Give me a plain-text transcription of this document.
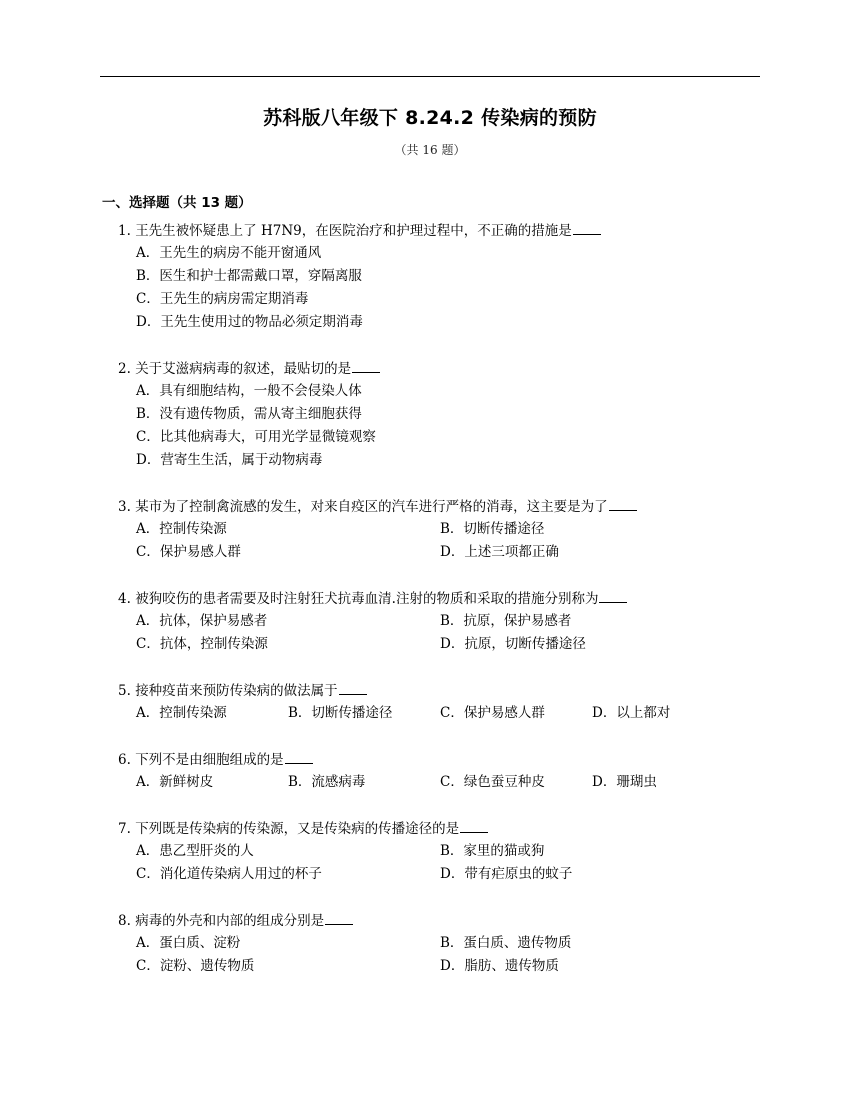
苏科版八年级下 8.24.2 传染病的预防
（共 16 题）
一、选择题（共 13 题）
1. 王先生被怀疑患上了 H7N9，在医院治疗和护理过程中，不正确的措施是
A．王先生的病房不能开窗通风
B．医生和护士都需戴口罩，穿隔离服
C．王先生的病房需定期消毒
D．王先生使用过的物品必须定期消毒
2. 关于艾滋病病毒的叙述，最贴切的是
A．具有细胞结构，一般不会侵染人体
B．没有遗传物质，需从寄主细胞获得
C．比其他病毒大，可用光学显微镜观察
D．营寄生生活，属于动物病毒
3. 某市为了控制禽流感的发生，对来自疫区的汽车进行严格的消毒，这主要是为了
A．控制传染源	B．切断传播途径
C．保护易感人群	D．上述三项都正确
4. 被狗咬伤的患者需要及时注射狂犬抗毒血清.注射的物质和采取的措施分别称为
A．抗体，保护易感者	B．抗原，保护易感者
C．抗体，控制传染源	D．抗原，切断传播途径
5. 接种疫苗来预防传染病的做法属于
A．控制传染源	B．切断传播途径	C．保护易感人群	D．以上都对
6. 下列不是由细胞组成的是
A．新鲜树皮	B．流感病毒	C．绿色蚕豆种皮	D．珊瑚虫
7. 下列既是传染病的传染源，又是传染病的传播途径的是
A．患乙型肝炎的人	B．家里的猫或狗
C．消化道传染病人用过的杯子	D．带有疟原虫的蚊子
8. 病毒的外壳和内部的组成分别是
A．蛋白质、淀粉	B．蛋白质、遗传物质
C．淀粉、遗传物质	D．脂肪、遗传物质
